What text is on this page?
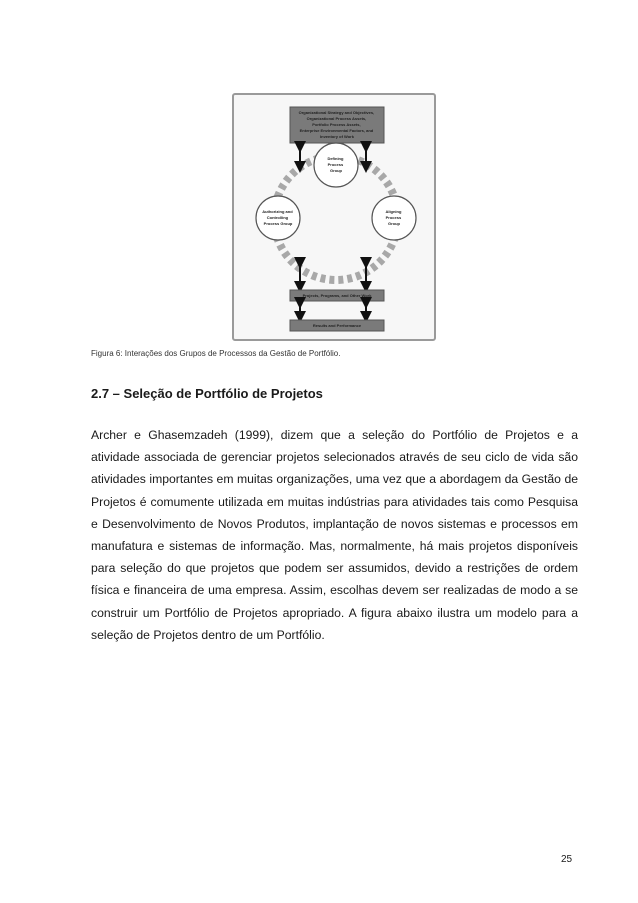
Organizational Strategy and Objectives, Organizational Process Assets, Portfolio Process Assets, Enterprise Environmental Factors, and Inventory of Work
Defining Process Group
Authorizing and Controlling Process Group
Aligning Process Group
Projects, Programs, and Other Work
Results and Performance
Figura 6: Interações dos Grupos de Processos da Gestão de Portfólio.
2.7 – Seleção de Portfólio de Projetos

Archer e Ghasemzadeh (1999), dizem que a seleção do Portfólio de Projetos e a atividade associada de gerenciar projetos selecionados através de seu ciclo de vida são atividades importantes em muitas organizações, uma vez que a abordagem da Gestão de Projetos é comumente utilizada em muitas indústrias para atividades tais como Pesquisa e Desenvolvimento de Novos Produtos, implantação de novos sistemas e processos em manufatura e sistemas de informação. Mas, normalmente, há mais projetos disponíveis para seleção do que projetos que podem ser assumidos, devido a restrições de ordem física e financeira de uma empresa. Assim, escolhas devem ser realizadas de modo a se construir um Portfólio de Projetos apropriado. A figura abaixo ilustra um modelo para a seleção de Projetos dentro de um Portfólio.

25
